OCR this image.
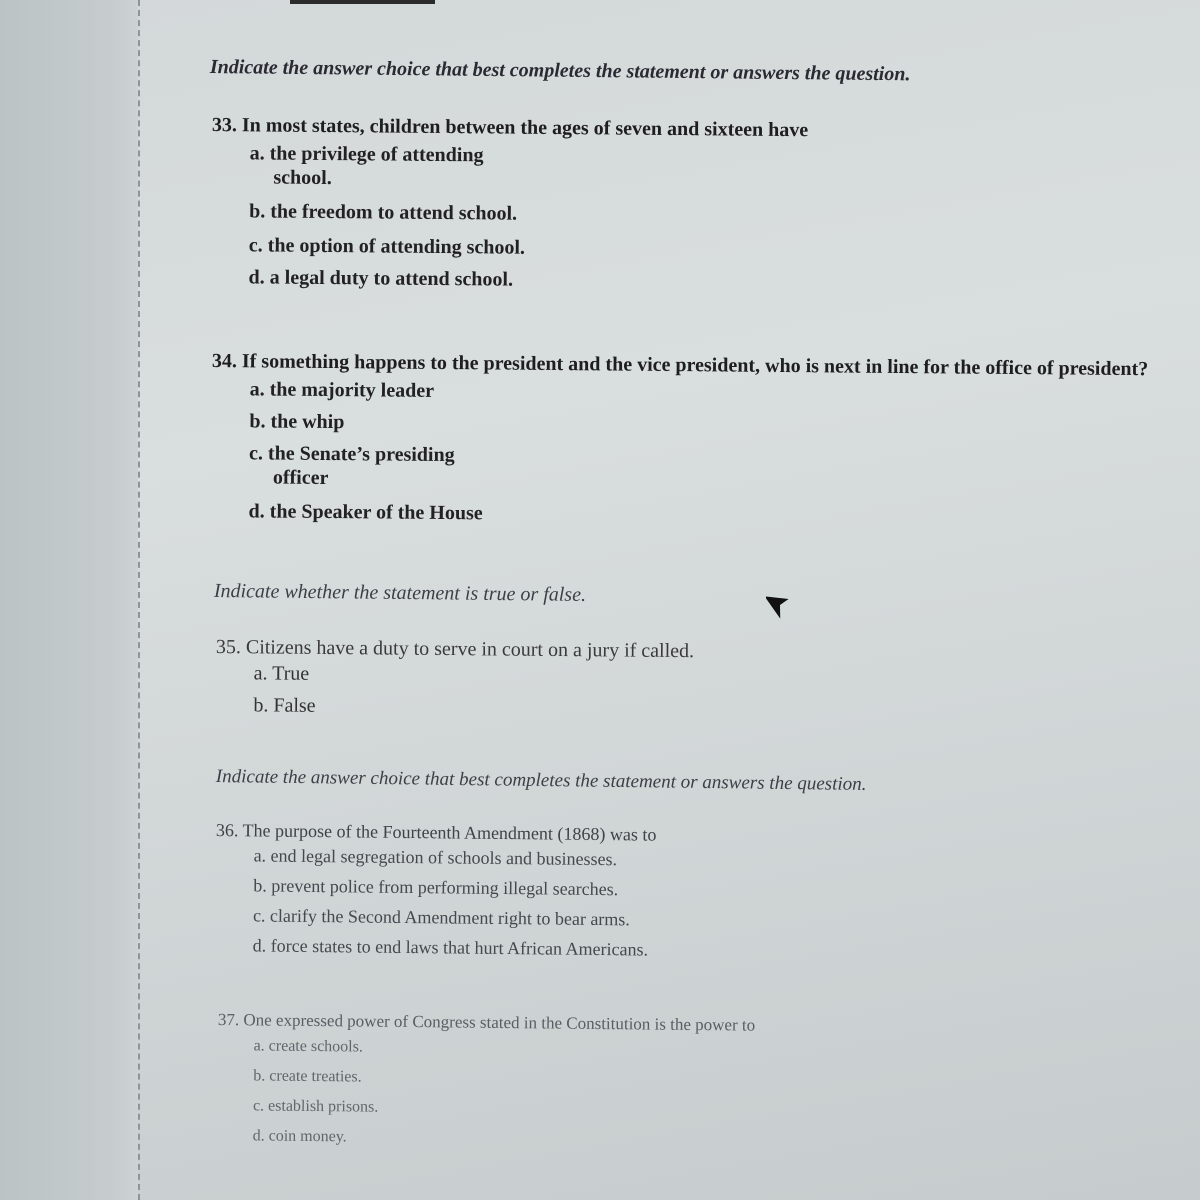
Indicate the answer choice that best completes the statement or answers the question.
33. In most states, children between the ages of seven and sixteen have
a. the privilege of attending
school.
b. the freedom to attend school.
c. the option of attending school.
d. a legal duty to attend school.
34. If something happens to the president and the vice president, who is next in line for the office of president?
a. the majority leader
b. the whip
c. the Senate’s presiding
officer
d. the Speaker of the House
Indicate whether the statement is true or false.
35. Citizens have a duty to serve in court on a jury if called.
a. True
b. False
Indicate the answer choice that best completes the statement or answers the question.
36. The purpose of the Fourteenth Amendment (1868) was to
a. end legal segregation of schools and businesses.
b. prevent police from performing illegal searches.
c. clarify the Second Amendment right to bear arms.
d. force states to end laws that hurt African Americans.
37. One expressed power of Congress stated in the Constitution is the power to
a. create schools.
b. create treaties.
c. establish prisons.
d. coin money.
